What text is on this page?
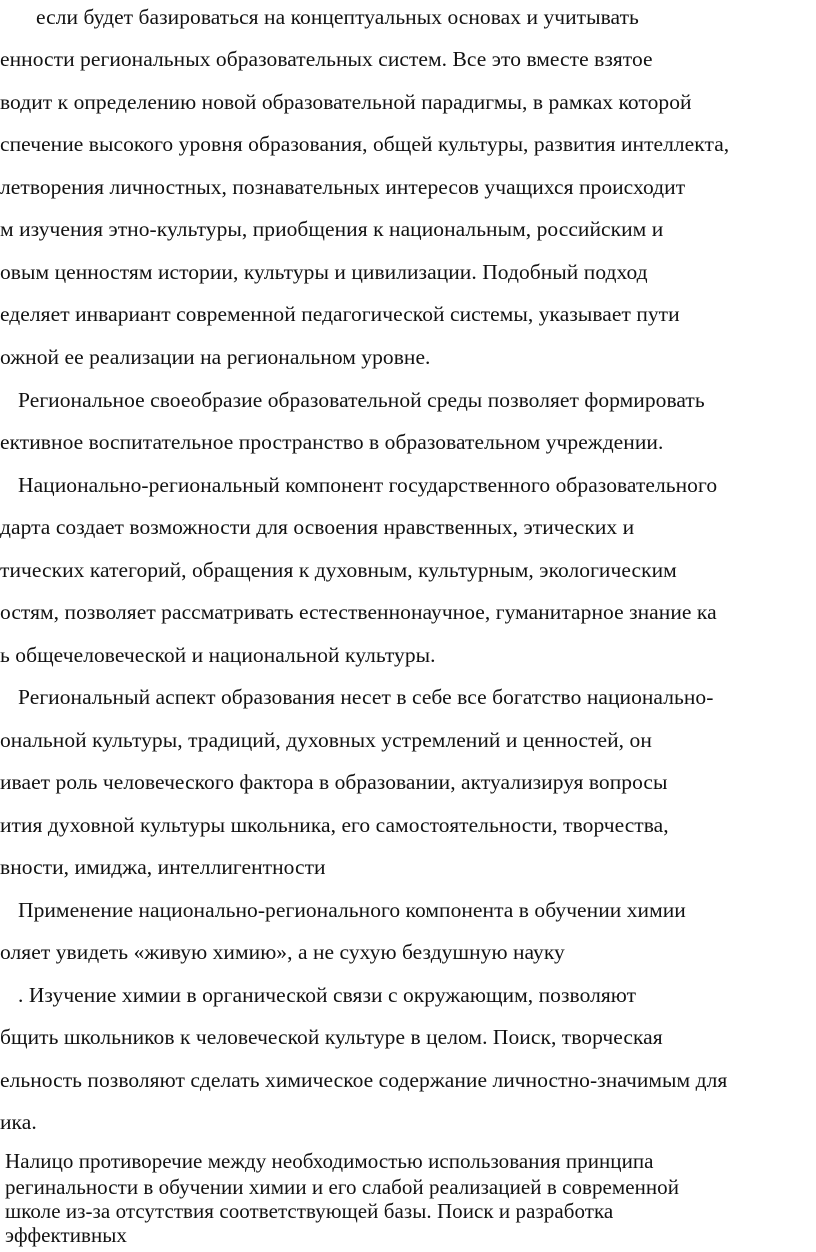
если будет базироваться на концептуальных основах и учитывать
енности региональных образовательных систем. Все это вместе взятое
водит к определению новой образовательной парадигмы, в рамках которой
спечение высокого уровня образования, общей культуры, развития интеллекта,
летворения личностных, познавательных интересов учащихся происходит
м изучения этно-культуры, приобщения к национальным, российским и
овым ценностям истории, культуры и цивилизации. Подобный подход
еделяет инвариант современной педагогической системы, указывает пути
ожной ее реализации на региональном уровне.
Региональное своеобразие образовательной среды позволяет формировать
ективное воспитательное пространство в образовательном учреждении.
Национально-региональный компонент государственного образовательного
дарта создает возможности для освоения нравственных, этических и
тических категорий, обращения к духовным, культурным, экологическим
остям, позволяет рассматривать естественнонаучное, гуманитарное знание ка
ь общечеловеческой и национальной культуры.
Региональный аспект образования несет в себе все богатство национально-
ональной культуры, традиций, духовных устремлений и ценностей, он
ивает роль человеческого фактора в образовании, актуализируя вопросы
ития духовной культуры школьника, его самостоятельности, творчества,
вности, имиджа, интеллигентности
Применение национально-регионального компонента в обучении химии
оляет увидеть «живую химию», а не сухую бездушную науку
. Изучение химии в органической связи с окружающим, позволяют
бщить школьников к человеческой культуре в целом. Поиск, творческая
ельность позволяют сделать химическое содержание личностно-значимым для
ика.
Налицо противоречие между необходимостью использования принципа
регинальности в обучении химии и его слабой реализацией в современной
школе из-за отсутствия соответствующей базы. Поиск и разработка
эффективных
